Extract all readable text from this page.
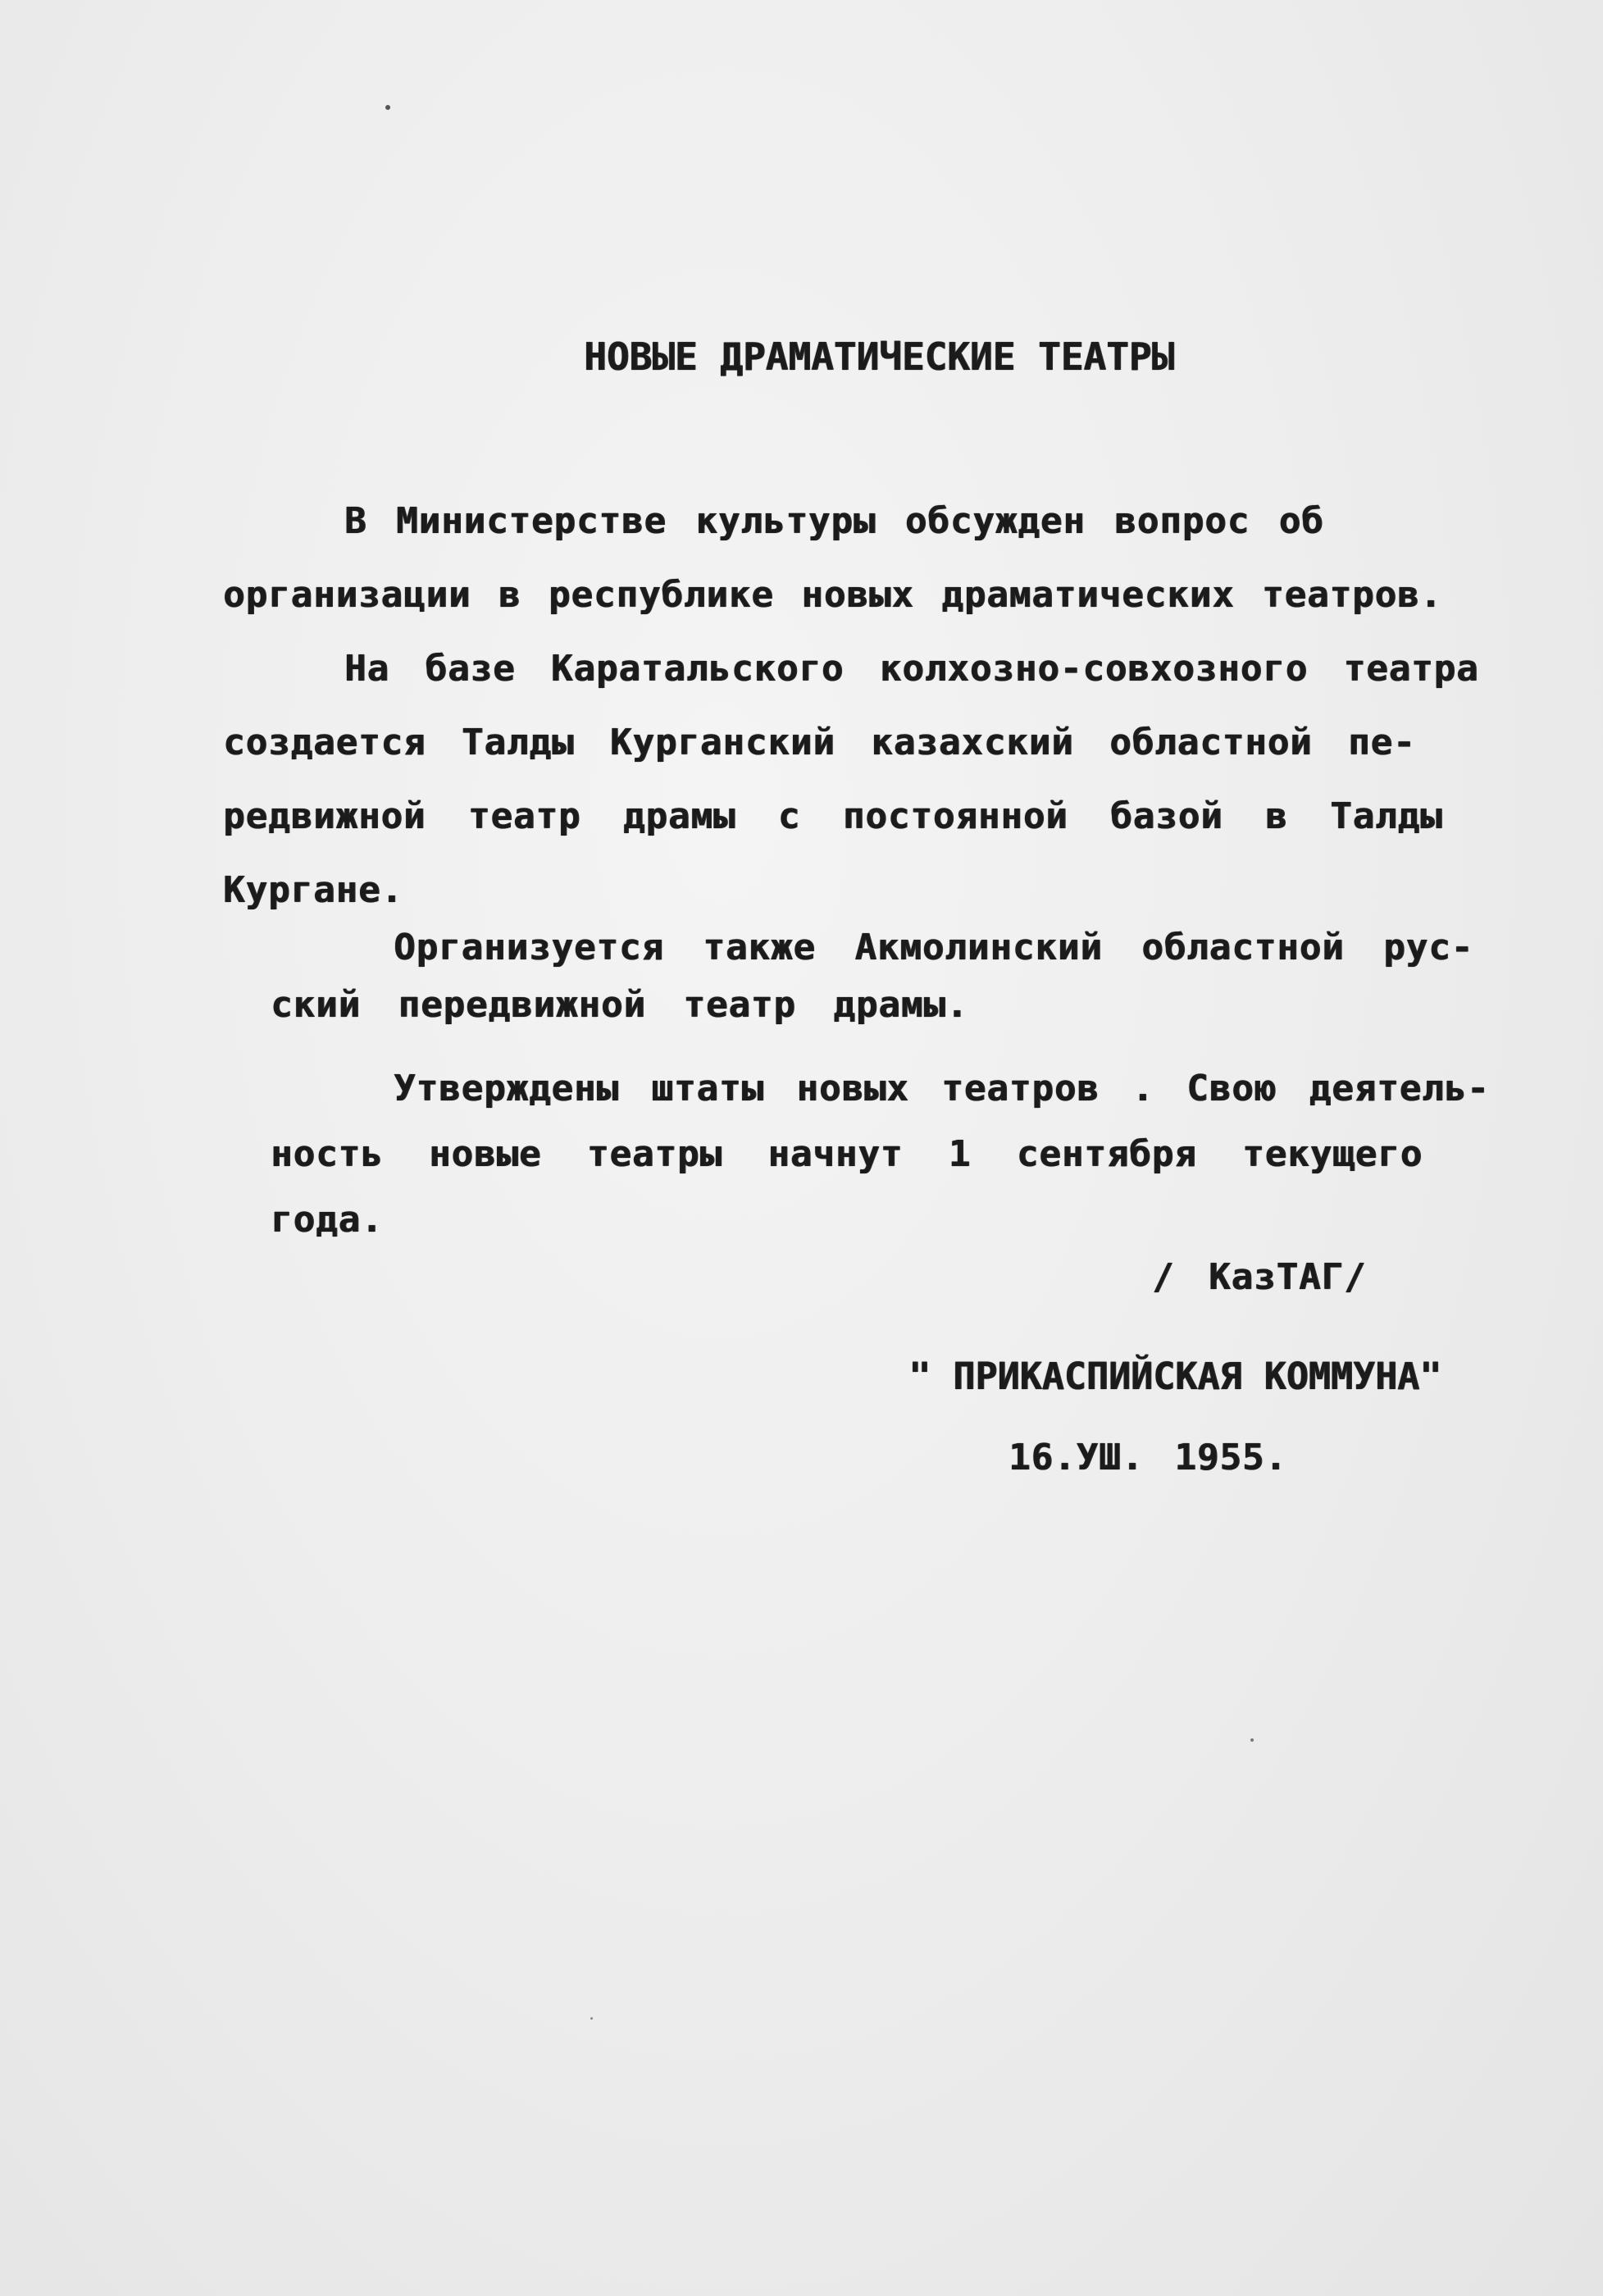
НОВЫЕ ДРАМАТИЧЕСКИЕ ТЕАТРЫ
В Министерстве культуры обсужден вопрос об
организации в республике новых драматических театров.
На базе Каратальского колхозно-совхозного театра
создается Талды Курганский казахский областной пе-
редвижной театр драмы с постоянной базой в Талды
Кургане.
Организуется также Акмолинский областной рус-
ский передвижной театр драмы.
Утверждены штаты новых театров . Свою деятель-
ность новые театры начнут 1 сентября текущего
года.
/ КазТАГ/
" ПРИКАСПИЙСКАЯ КОММУНА"
16.УШ. 1955.
